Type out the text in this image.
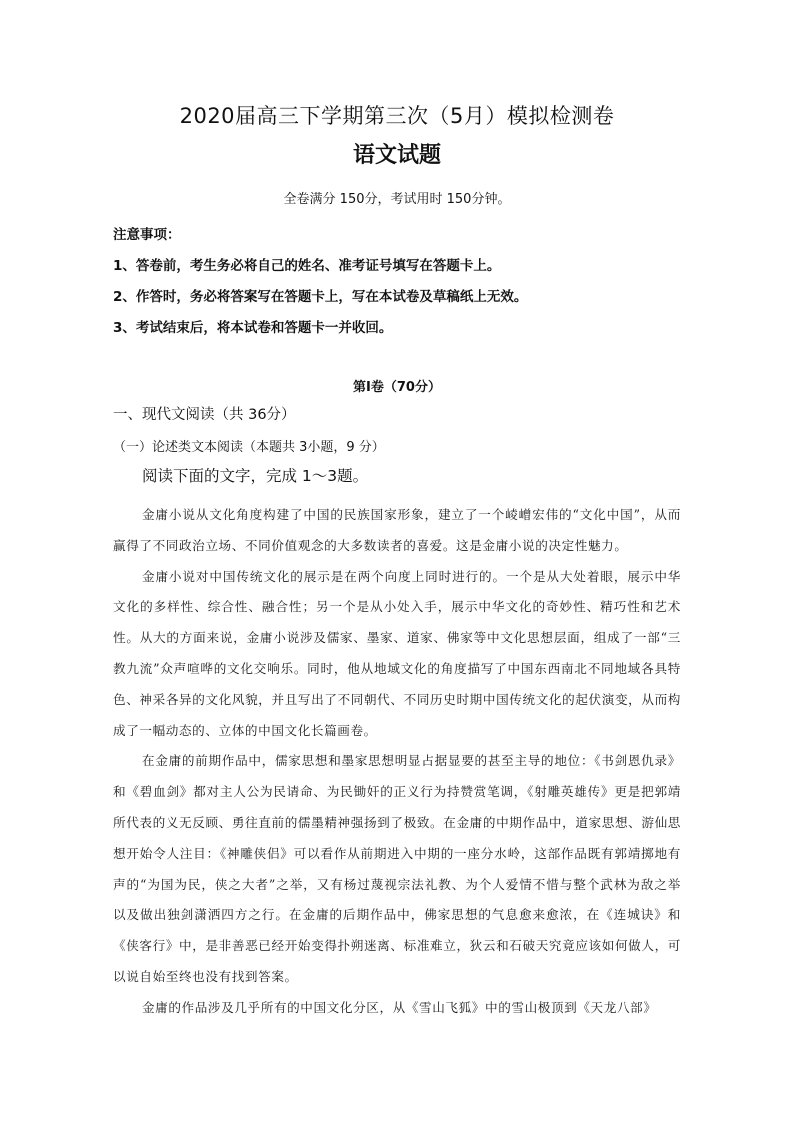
2020届高三下学期第三次（5月）模拟检测卷
语文试题
全卷满分 150分，考试用时 150分钟。
注意事项：
1、答卷前，考生务必将自己的姓名、准考证号填写在答题卡上。
2、作答时，务必将答案写在答题卡上，写在本试卷及草稿纸上无效。
3、考试结束后，将本试卷和答题卡一并收回。
第Ⅰ卷（70分）
一、现代文阅读（共 36分）
（一）论述类文本阅读（本题共 3小题，9 分）
阅读下面的文字，完成 1～3题。

金庸小说从文化角度构建了中国的民族国家形象，建立了一个崚嶒宏伟的“文化中国”，从而赢得了不同政治立场、不同价值观念的大多数读者的喜爱。这是金庸小说的决定性魅力。

金庸小说对中国传统文化的展示是在两个向度上同时进行的。一个是从大处着眼，展示中华文化的多样性、综合性、融合性；另一个是从小处入手，展示中华文化的奇妙性、精巧性和艺术性。从大的方面来说，金庸小说涉及儒家、墨家、道家、佛家等中文化思想层面，组成了一部“三教九流”众声喧哗的文化交响乐。同时，他从地域文化的角度描写了中国东西南北不同地域各具特色、神采各异的文化风貌，并且写出了不同朝代、不同历史时期中国传统文化的起伏演变，从而构成了一幅动态的、立体的中国文化长篇画卷。

在金庸的前期作品中，儒家思想和墨家思想明显占据显要的甚至主导的地位：《书剑恩仇录》和《碧血剑》都对主人公为民请命、为民锄奸的正义行为持赞赏笔调，《射雕英雄传》更是把郭靖所代表的义无反顾、勇往直前的儒墨精神强扬到了极致。在金庸的中期作品中，道家思想、游仙思想开始令人注目：《神雕侠侣》可以看作从前期进入中期的一座分水岭，这部作品既有郭靖掷地有声的“为国为民，侠之大者”之举，又有杨过蔑视宗法礼教、为个人爱情不惜与整个武林为敌之举以及做出独剑潇洒四方之行。在金庸的后期作品中，佛家思想的气息愈来愈浓，在《连城诀》和《侠客行》中，是非善恶已经开始变得扑朔迷离、标准难立，狄云和石破天究竟应该如何做人，可以说自始至终也没有找到答案。

金庸的作品涉及几乎所有的中国文化分区，从《雪山飞狐》中的雪山极顶到《天龙八部》
